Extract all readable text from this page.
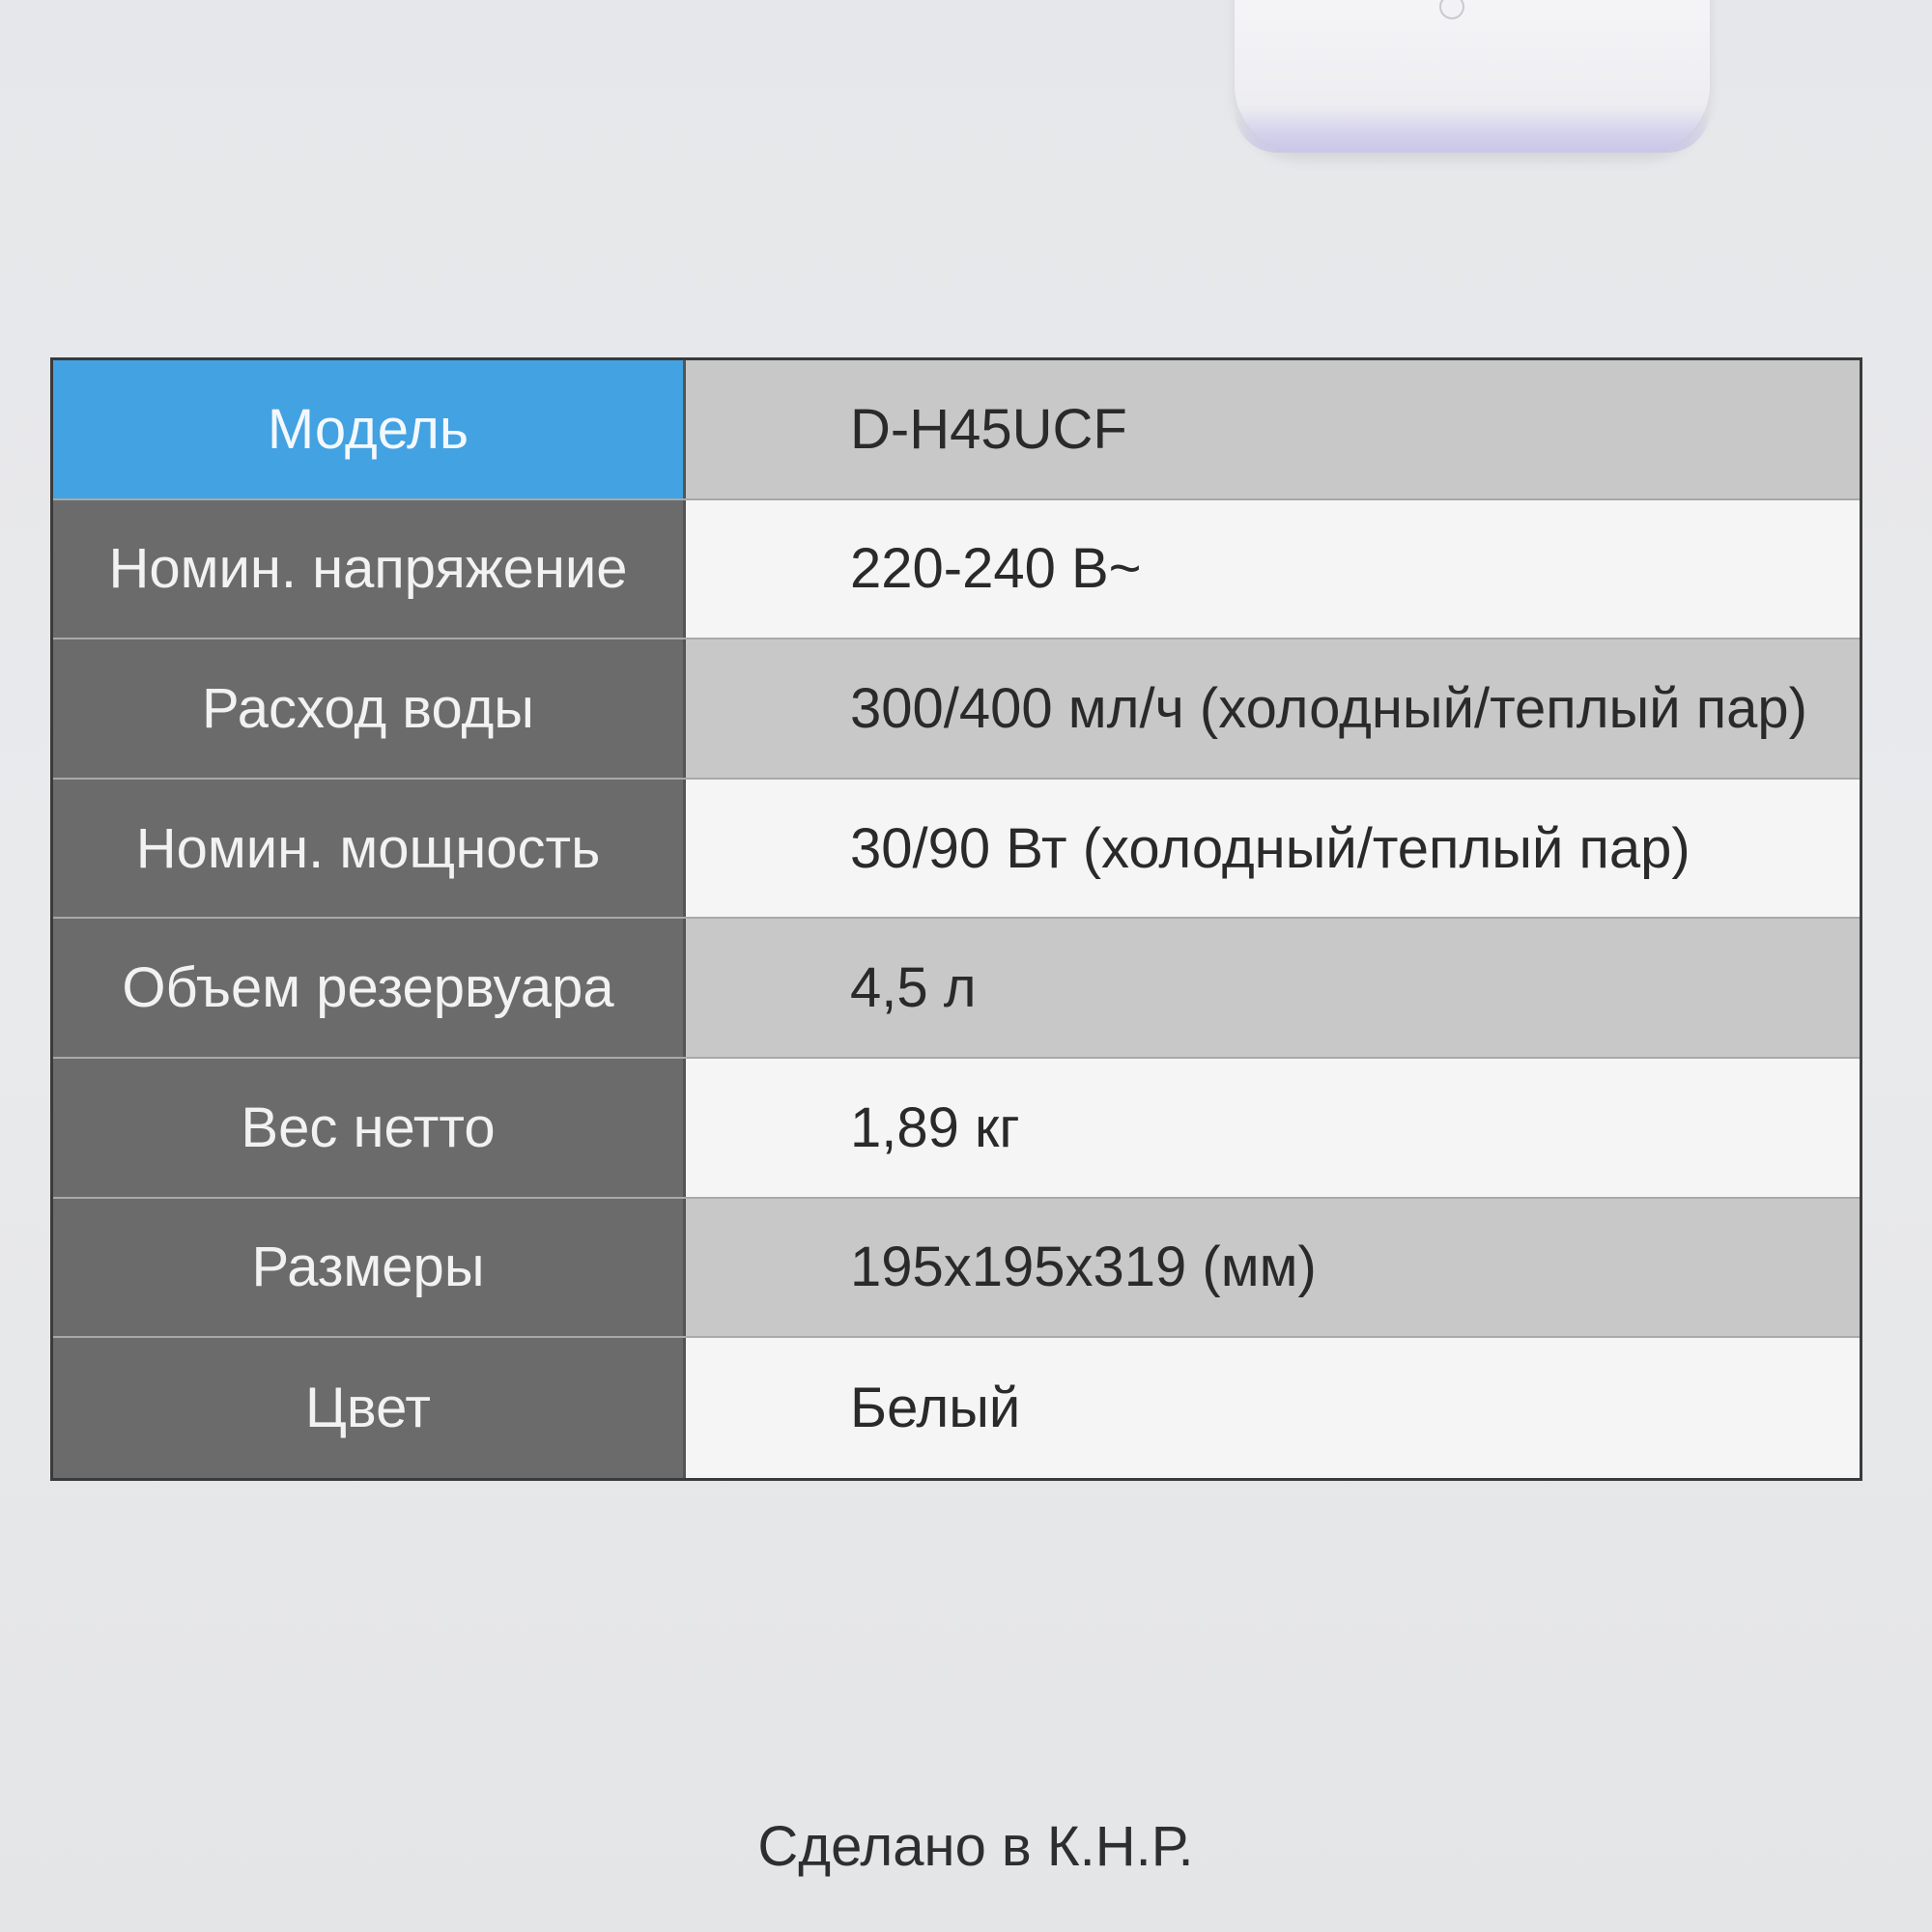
Модель	D-H45UCF
Номин. напряжение	220-240 В~
Расход воды	300/400 мл/ч (холодный/теплый пар)
Номин. мощность	30/90 Вт (холодный/теплый пар)
Объем резервуара	4,5 л
Вес нетто	1,89 кг
Размеры	195x195x319 (мм)
Цвет	Белый
Сделано в К.Н.Р.
